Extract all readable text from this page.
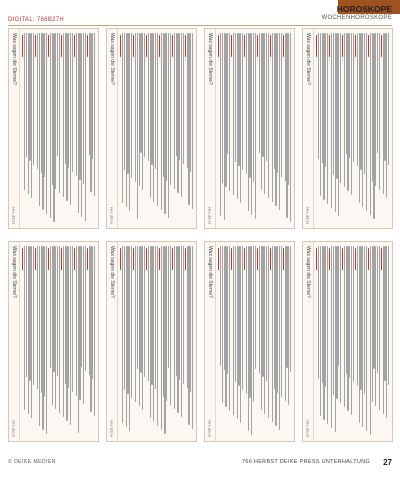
DIGITAL: 766B27H
HOROSKOPE
WOCHENHOROSKOPE
Was sagen die Sterne?
HH.48.H
Was sagen die Sterne?
HH.48.H
Was sagen die Sterne?
HH.48.H
Was sagen die Sterne?
HH.48.H
Was sagen die Sterne?
HH.48.H
Was sagen die Sterne?
HH.48.H
Was sagen die Sterne?
HH.48.H
Was sagen die Sterne?
HH.48.H
© DEIKE MEDIEN	766 HERBST DEIKE PRESS UNTERHALTUNG 27
